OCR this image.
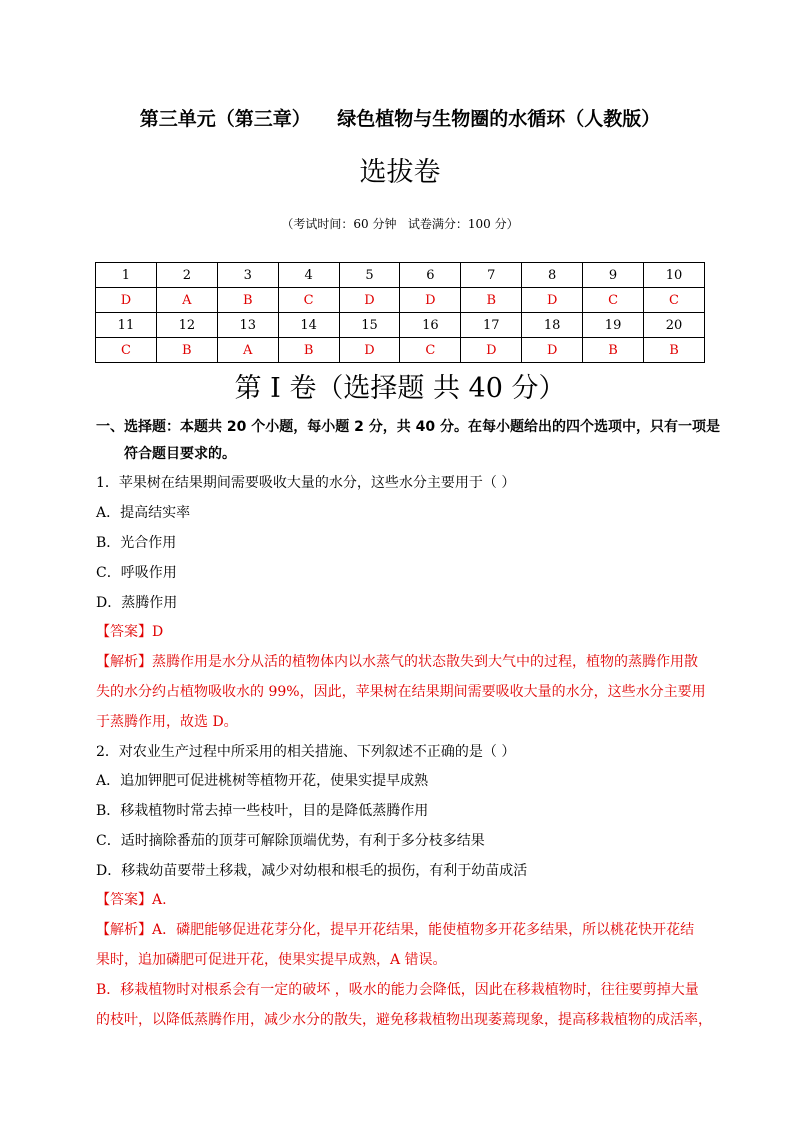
第三单元（第三章）    绿色植物与生物圈的水循环（人教版）
选拔卷
（考试时间：60 分钟   试卷满分：100 分）
1	2	3	4	5	6	7	8	9	10
D	A	B	C	D	D	B	D	C	C
11	12	13	14	15	16	17	18	19	20
C	B	A	B	D	C	D	D	B	B
第 I 卷（选择题 共 40 分）
一、选择题：本题共 20 个小题，每小题 2 分，共 40 分。在每小题给出的四个选项中，只有一项是
符合题目要求的。
1．苹果树在结果期间需要吸收大量的水分，这些水分主要用于（ ）
A．提高结实率
B．光合作用
C．呼吸作用
D．蒸腾作用
【答案】D
【解析】蒸腾作用是水分从活的植物体内以水蒸气的状态散失到大气中的过程，植物的蒸腾作用散
失的水分约占植物吸收水的 99%，因此，苹果树在结果期间需要吸收大量的水分，这些水分主要用
于蒸腾作用，故选 D。
2．对农业生产过程中所采用的相关措施、下列叙述不正确的是（ ）
A．追加钾肥可促进桃树等植物开花，使果实提早成熟
B．移栽植物时常去掉一些枝叶，目的是降低蒸腾作用
C．适时摘除番茄的顶芽可解除顶端优势，有利于多分枝多结果
D．移栽幼苗要带土移栽，减少对幼根和根毛的损伤，有利于幼苗成活
【答案】A.
【解析】A．磷肥能够促进花芽分化，提早开花结果，能使植物多开花多结果，所以桃花快开花结
果时，追加磷肥可促进开花，使果实提早成熟，A 错误。
B．移栽植物时对根系会有一定的破坏 ，吸水的能力会降低，因此在移栽植物时，往往要剪掉大量
的枝叶，以降低蒸腾作用，减少水分的散失，避免移栽植物出现萎蔫现象，提高移栽植物的成活率，
